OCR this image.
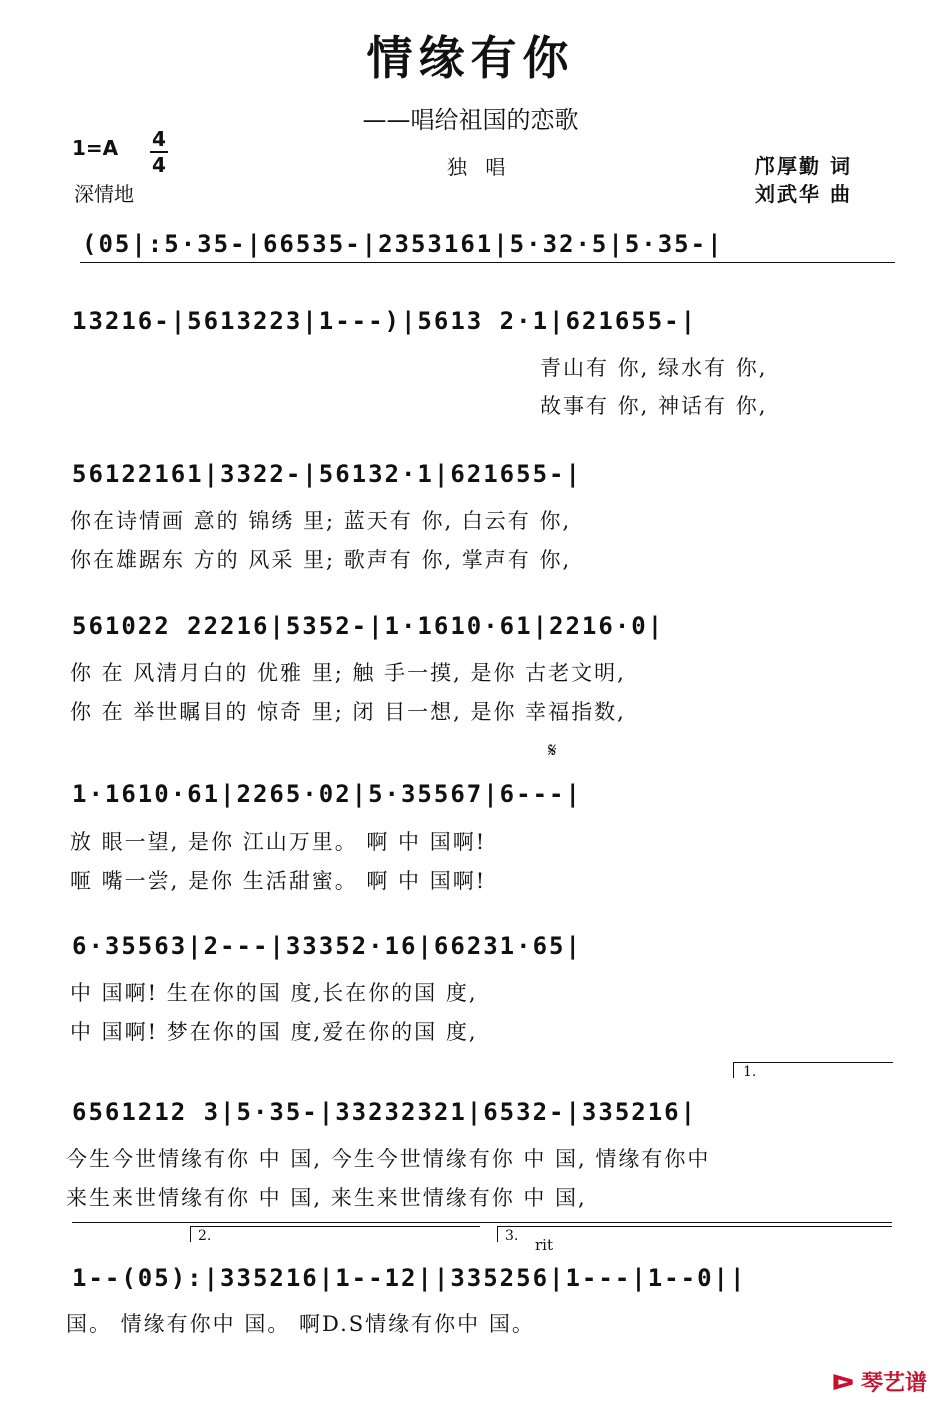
情缘有你
——唱给祖国的恋歌
1=A 4
4	独 唱
深情地
邝厚勤 词
刘武华 曲
(05|:5·35-|66535-|2353161|5·32·5|5·35-|
13216-|5613223|1---)|5613 2·1|621655-|
青山有 你, 绿水有 你,
故事有 你, 神话有 你,
56122161|3322-|56132·1|621655-|
你在诗情画 意的 锦绣 里; 蓝天有 你, 白云有 你,
你在雄踞东 方的 风采 里; 歌声有 你, 掌声有 你,
561022 22216|5352-|1·1610·61|2216·0|
你 在 风清月白的 优雅 里; 触 手一摸, 是你 古老文明,
你 在 举世瞩目的 惊奇 里; 闭 目一想, 是你 幸福指数,
𝄋
1·1610·61|2265·02|5·35567|6---|
放 眼一望, 是你 江山万里。 啊 中 国啊!
咂 嘴一尝, 是你 生活甜蜜。 啊 中 国啊!
6·35563|2---|33352·16|66231·65|
中 国啊! 生在你的国 度,长在你的国 度,
中 国啊! 梦在你的国 度,爱在你的国 度,
1.
6561212 3|5·35-|33232321|6532-|335216|
今生今世情缘有你 中 国, 今生今世情缘有你 中 国, 情缘有你中
来生来世情缘有你 中 国, 来生来世情缘有你 中 国,
2.	3. rit
1--(05):|335216|1--12||335256|1---|1--0||
国。 情缘有你中 国。 啊D.S情缘有你中 国。
ᐅ 琴艺谱
